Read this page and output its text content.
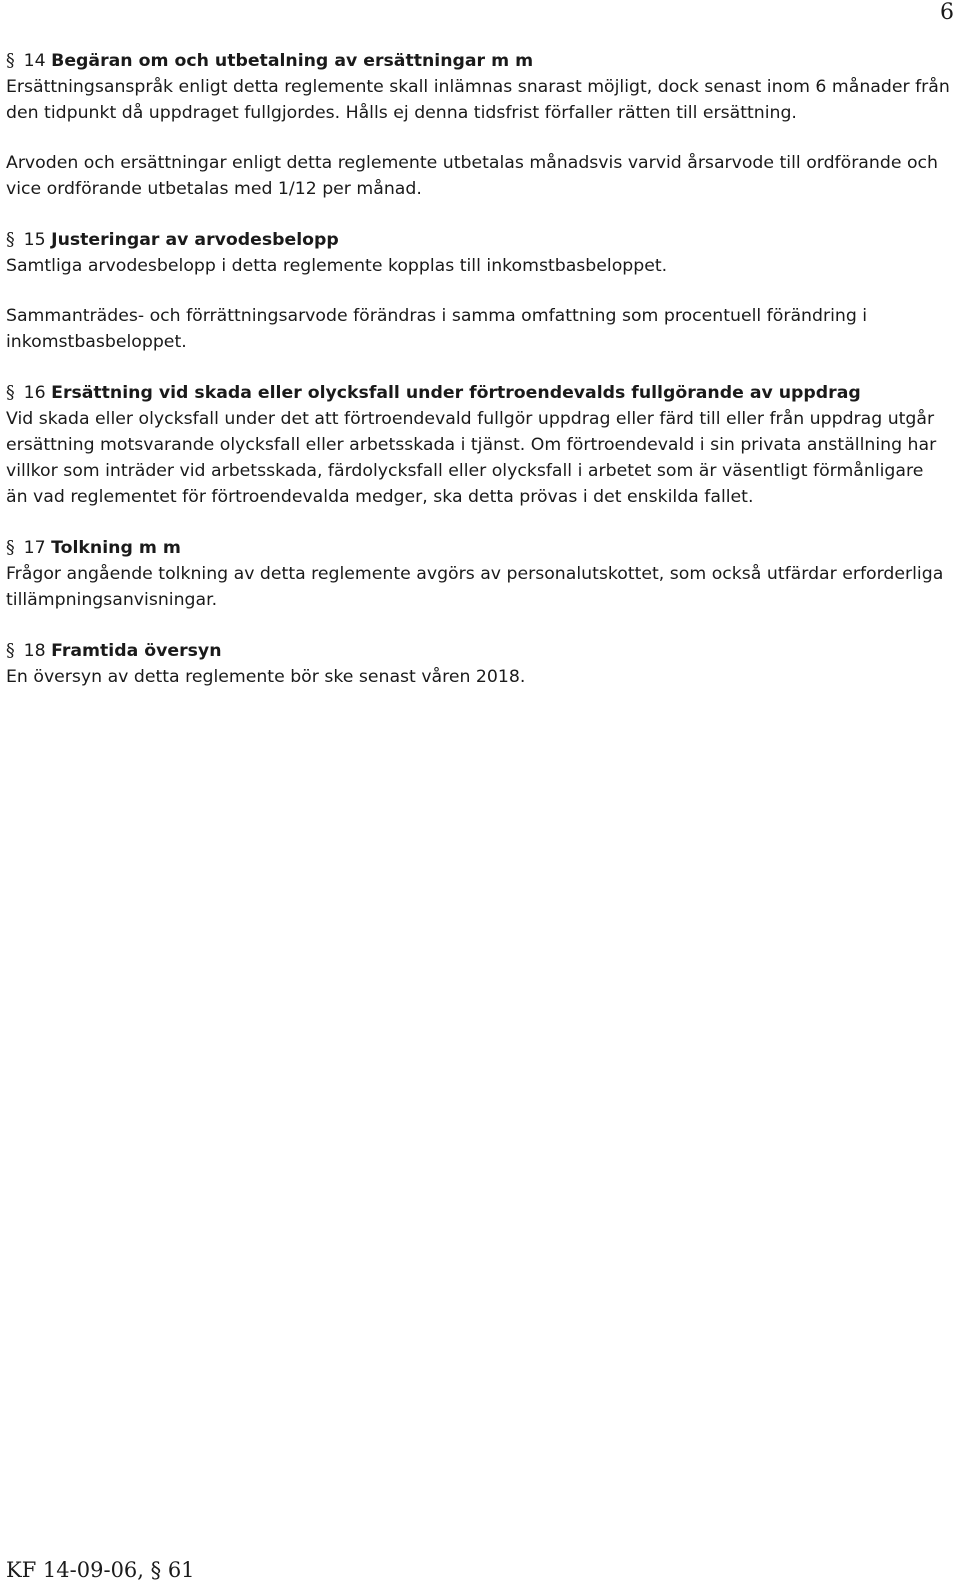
6

§ 14 Begäran om och utbetalning av ersättningar m m

Ersättningsanspråk enligt detta reglemente skall inlämnas snarast möjligt, dock senast inom 6 månader från den tidpunkt då uppdraget fullgjordes. Hålls ej denna tidsfrist förfaller rätten till ersättning.

Arvoden och ersättningar enligt detta reglemente utbetalas månadsvis varvid årsarvode till ordförande och vice ordförande utbetalas med 1/12 per månad.

§ 15 Justeringar av arvodesbelopp

Samtliga arvodesbelopp i detta reglemente kopplas till inkomstbasbeloppet.

Sammanträdes- och förrättningsarvode förändras i samma omfattning som procentuell förändring i inkomstbasbeloppet.

§ 16 Ersättning vid skada eller olycksfall under förtroendevalds fullgörande av uppdrag

Vid skada eller olycksfall under det att förtroendevald fullgör uppdrag eller färd till eller från uppdrag utgår ersättning motsvarande olycksfall eller arbetsskada i tjänst. Om förtroendevald i sin privata anställning har villkor som inträder vid arbetsskada, färdolycksfall eller olycksfall i arbetet som är väsentligt förmånligare än vad reglementet för förtroendevalda medger, ska detta prövas i det enskilda fallet.

§ 17 Tolkning m m

Frågor angående tolkning av detta reglemente avgörs av personalutskottet, som också utfärdar erforderliga tillämpningsanvisningar.

§ 18 Framtida översyn

En översyn av detta reglemente bör ske senast våren 2018.

KF 14-09-06, § 61
